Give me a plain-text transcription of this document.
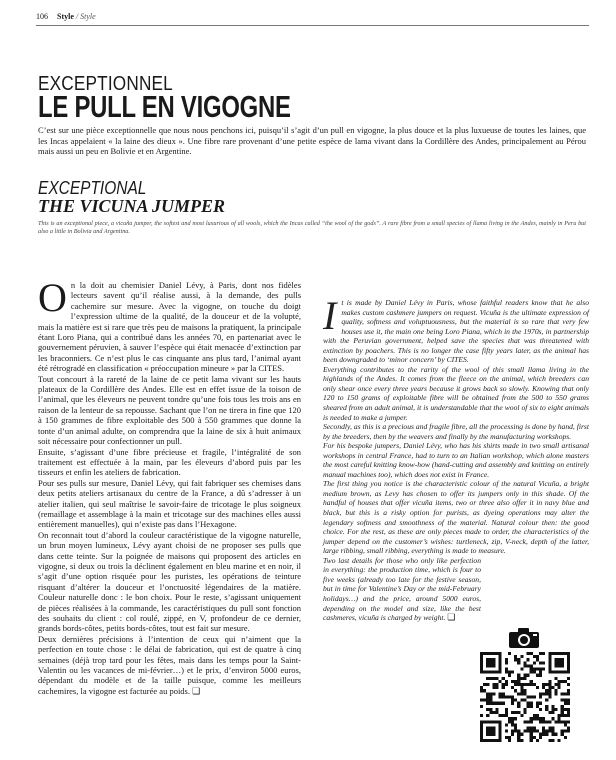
106 Style / Style
EXCEPTIONNEL
LE PULL EN VIGOGNE
C’est sur une pièce exceptionnelle que nous nous penchons ici, puisqu’il s’agit d’un pull en vigogne, la plus douce et la plus luxueuse de toutes les laines, que les Incas appelaient « la laine des dieux ». Une fibre rare provenant d’une petite espèce de lama vivant dans la Cordillère des Andes, principalement au Pérou mais aussi un peu en Bolivie et en Argentine.
EXCEPTIONAL
THE VICUNA JUMPER
This is an exceptional piece, a vicuña jumper, the softest and most luxurious of all wools, which the Incas called “the wool of the gods”. A rare fibre from a small species of llama living in the Andes, mainly in Peru but also a little in Bolivia and Argentina.

On la doit au chemisier Daniel Lévy, à Paris, dont nos fidèles lecteurs savent qu’il réalise aussi, à la demande, des pulls cachemire sur mesure. Avec la vigogne, on touche du doigt l’expression ultime de la qualité, de la douceur et de la volupté, mais la matière est si rare que très peu de maisons la pratiquent, la principale étant Loro Piana, qui a contribué dans les années 70, en partenariat avec le gouvernement péruvien, à sauver l’espèce qui était menacée d’extinction par les braconniers. Ce n’est plus le cas cinquante ans plus tard, l’animal ayant été rétrogradé en classification « préoccupation mineure » par la CITES.

Tout concourt à la rareté de la laine de ce petit lama vivant sur les hauts plateaux de la Cordillère des Andes. Elle est en effet issue de la toison de l’animal, que les éleveurs ne peuvent tondre qu’une fois tous les trois ans en raison de la lenteur de sa repousse. Sachant que l’on ne tirera in fine que 120 à 150 grammes de fibre exploitable des 500 à 550 grammes que donne la tonte d’un animal adulte, on comprendra que la laine de six à huit animaux soit nécessaire pour confectionner un pull.

Ensuite, s’agissant d’une fibre précieuse et fragile, l’intégralité de son traitement est effectuée à la main, par les éleveurs d’abord puis par les tisseurs et enfin les ateliers de fabrication.

Pour ses pulls sur mesure, Daniel Lévy, qui fait fabriquer ses chemises dans deux petits ateliers artisanaux du centre de la France, a dû s’adresser à un atelier italien, qui seul maîtrise le savoir-faire de tricotage le plus soigneux (remaillage et assemblage à la main et tricotage sur des machines elles aussi entièrement manuelles), qui n’existe pas dans l’Hexagone.

On reconnait tout d’abord la couleur caractéristique de la vigogne naturelle, un brun moyen lumineux, Lévy ayant choisi de ne proposer ses pulls que dans cette teinte. Sur la poignée de maisons qui proposent des articles en vigogne, si deux ou trois la déclinent également en bleu marine et en noir, il s’agit d’une option risquée pour les puristes, les opérations de teinture risquant d’altérer la douceur et l’onctuosité légendaires de la matière. Couleur naturelle donc : le bon choix. Pour le reste, s’agissant uniquement de pièces réalisées à la commande, les caractéristiques du pull sont fonction des souhaits du client : col roulé, zippé, en V, profondeur de ce dernier, grands bords-côtes, petits bords-côtes, tout est fait sur mesure.

Deux dernières précisions à l’intention de ceux qui n’aiment que la perfection en toute chose : le délai de fabrication, qui est de quatre à cinq semaines (déjà trop tard pour les fêtes, mais dans les temps pour la Saint-Valentin ou les vacances de mi-février…) et le prix, d’environ 5000 euros, dépendant du modèle et de la taille puisque, comme les meilleurs cachemires, la vigogne est facturée au poids. ❏

It is made by Daniel Lévy in Paris, whose faithful readers know that he also makes custom cashmere jumpers on request. Vicuña is the ultimate expression of quality, softness and voluptuousness, but the material is so rare that very few houses use it, the main one being Loro Piana, which in the 1970s, in partnership with the Peruvian government, helped save the species that was threatened with extinction by poachers. This is no longer the case fifty years later, as the animal has been downgraded to ‘minor concern’ by CITES.

Everything contributes to the rarity of the wool of this small llama living in the highlands of the Andes. It comes from the fleece on the animal, which breeders can only shear once every three years because it grows back so slowly. Knowing that only 120 to 150 grams of exploitable fibre will be obtained from the 500 to 550 grams sheared from an adult animal, it is understandable that the wool of six to eight animals is needed to make a jumper.

Secondly, as this is a precious and fragile fibre, all the processing is done by hand, first by the breeders, then by the weavers and finally by the manufacturing workshops.

For his bespoke jumpers, Daniel Lévy, who has his shirts made in two small artisanal workshops in central France, had to turn to an Italian workshop, which alone masters the most careful knitting know-how (hand-cutting and assembly and knitting on entirely manual machines too), which does not exist in France.

The first thing you notice is the characteristic colour of the natural Vicuña, a bright medium brown, as Levy has chosen to offer its jumpers only in this shade. Of the handful of houses that offer vicuña items, two or three also offer it in navy blue and black, but this is a risky option for purists, as dyeing operations may alter the legendary softness and smoothness of the material. Natural colour then: the good choice. For the rest, as these are only pieces made to order, the characteristics of the jumper depend on the customer’s wishes: turtleneck, zip, V-neck, depth of the latter, large ribbing, small ribbing, everything is made to measure.

Two last details for those who only like perfection in everything: the production time, which is four to five weeks (already too late for the festive season, but in time for Valentine’s Day or the mid-February holidays…) and the price, around 5000 euros, depending on the model and size, like the best cashmeres, vicuña is charged by weight. ❏
